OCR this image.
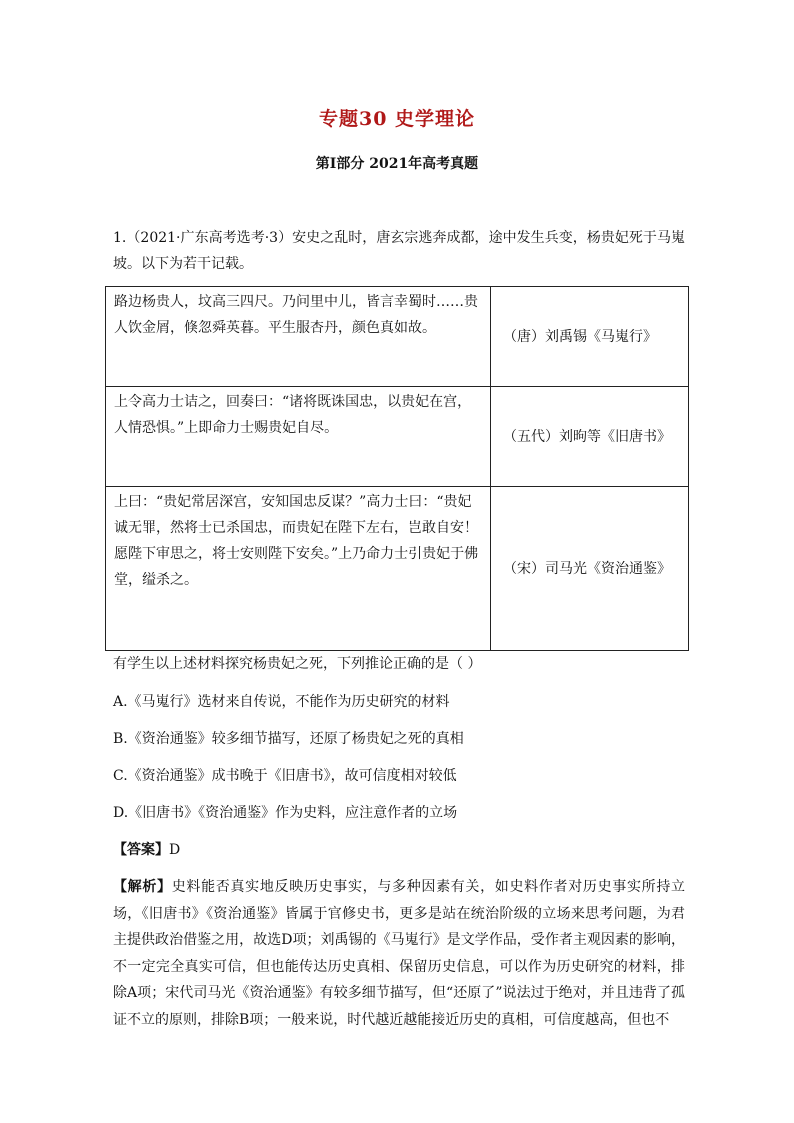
专题30 史学理论
第Ⅰ部分 2021年高考真题
1.（2021·广东高考选考·3）安史之乱时，唐玄宗逃奔成都，途中发生兵变，杨贵妃死于马嵬坡。以下为若干记载。
路边杨贵人，坟高三四尺。乃问里中儿，皆言幸蜀时……贵人饮金屑，倏忽舜英暮。平生服杏丹，颜色真如故。	（唐）刘禹锡《马嵬行》

上令高力士诘之，回奏曰：“诸将既诛国忠，以贵妃在宫，人情恐惧。”上即命力士赐贵妃自尽。	（五代）刘昫等《旧唐书》

上曰：“贵妃常居深宫，安知国忠反谋？”高力士曰：“贵妃诚无罪，然将士已杀国忠，而贵妃在陛下左右，岂敢自安！愿陛下审思之，将士安则陛下安矣。”上乃命力士引贵妃于佛堂，缢杀之。	（宋）司马光《资治通鉴》
有学生以上述材料探究杨贵妃之死，下列推论正确的是（ ）
A.《马嵬行》选材来自传说，不能作为历史研究的材料
B.《资治通鉴》较多细节描写，还原了杨贵妃之死的真相
C.《资治通鉴》成书晚于《旧唐书》，故可信度相对较低
D.《旧唐书》《资治通鉴》作为史料，应注意作者的立场
【答案】D
【解析】史料能否真实地反映历史事实，与多种因素有关，如史料作者对历史事实所持立场，《旧唐书》《资治通鉴》皆属于官修史书，更多是站在统治阶级的立场来思考问题，为君主提供政治借鉴之用，故选D项；刘禹锡的《马嵬行》是文学作品，受作者主观因素的影响，不一定完全真实可信，但也能传达历史真相、保留历史信息，可以作为历史研究的材料，排除A项；宋代司马光《资治通鉴》有较多细节描写，但“还原了”说法过于绝对，并且违背了孤证不立的原则，排除B项；一般来说，时代越近越能接近历史的真相，可信度越高，但也不
